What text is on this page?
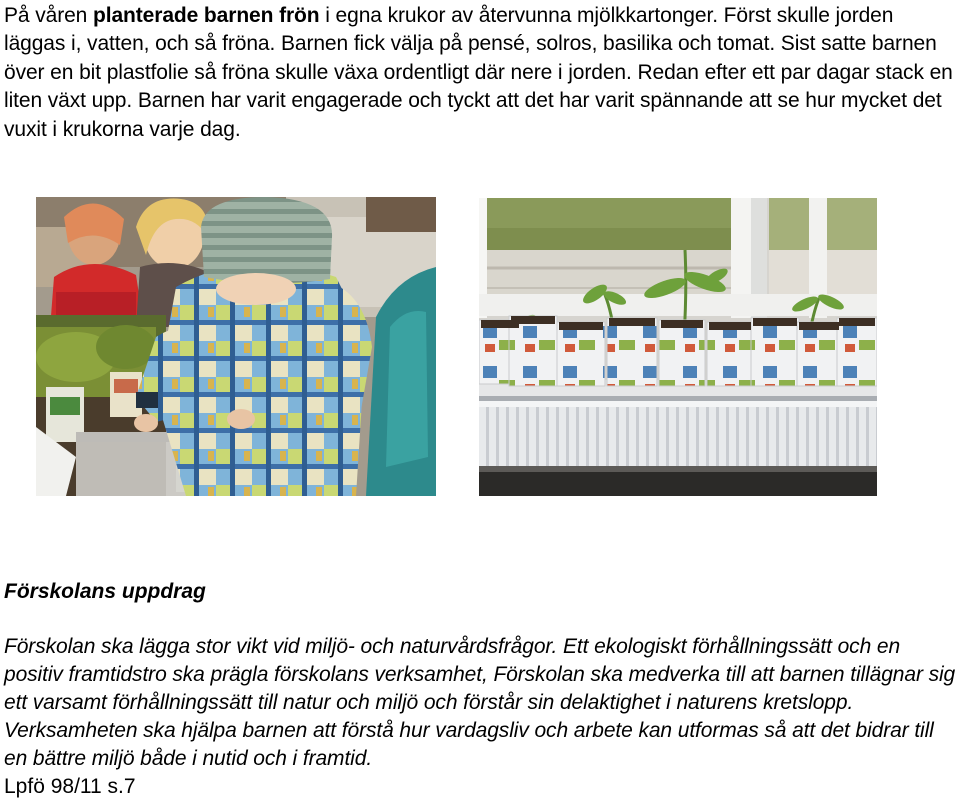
På våren planterade barnen frön i egna krukor av återvunna mjölkkartonger. Först skulle jorden läggas i, vatten, och så fröna. Barnen fick välja på pensé, solros, basilika och tomat. Sist satte barnen över en bit plastfolie så fröna skulle växa ordentligt där nere i jorden. Redan efter ett par dagar stack en liten växt upp. Barnen har varit engagerade och tyckt att det har varit spännande att se hur mycket det vuxit i krukorna varje dag.

Förskolans uppdrag

Förskolan ska lägga stor vikt vid miljö- och naturvårdsfrågor. Ett ekologiskt förhållningssätt och en positiv framtidstro ska prägla förskolans verksamhet, Förskolan ska medverka till att barnen tillägnar sig ett varsamt förhållningssätt till natur och miljö och förstår sin delaktighet i naturens kretslopp. Verksamheten ska hjälpa barnen att förstå hur vardagsliv och arbete kan utformas så att det bidrar till en bättre miljö både i nutid och i framtid.

Lpfö 98/11 s.7
